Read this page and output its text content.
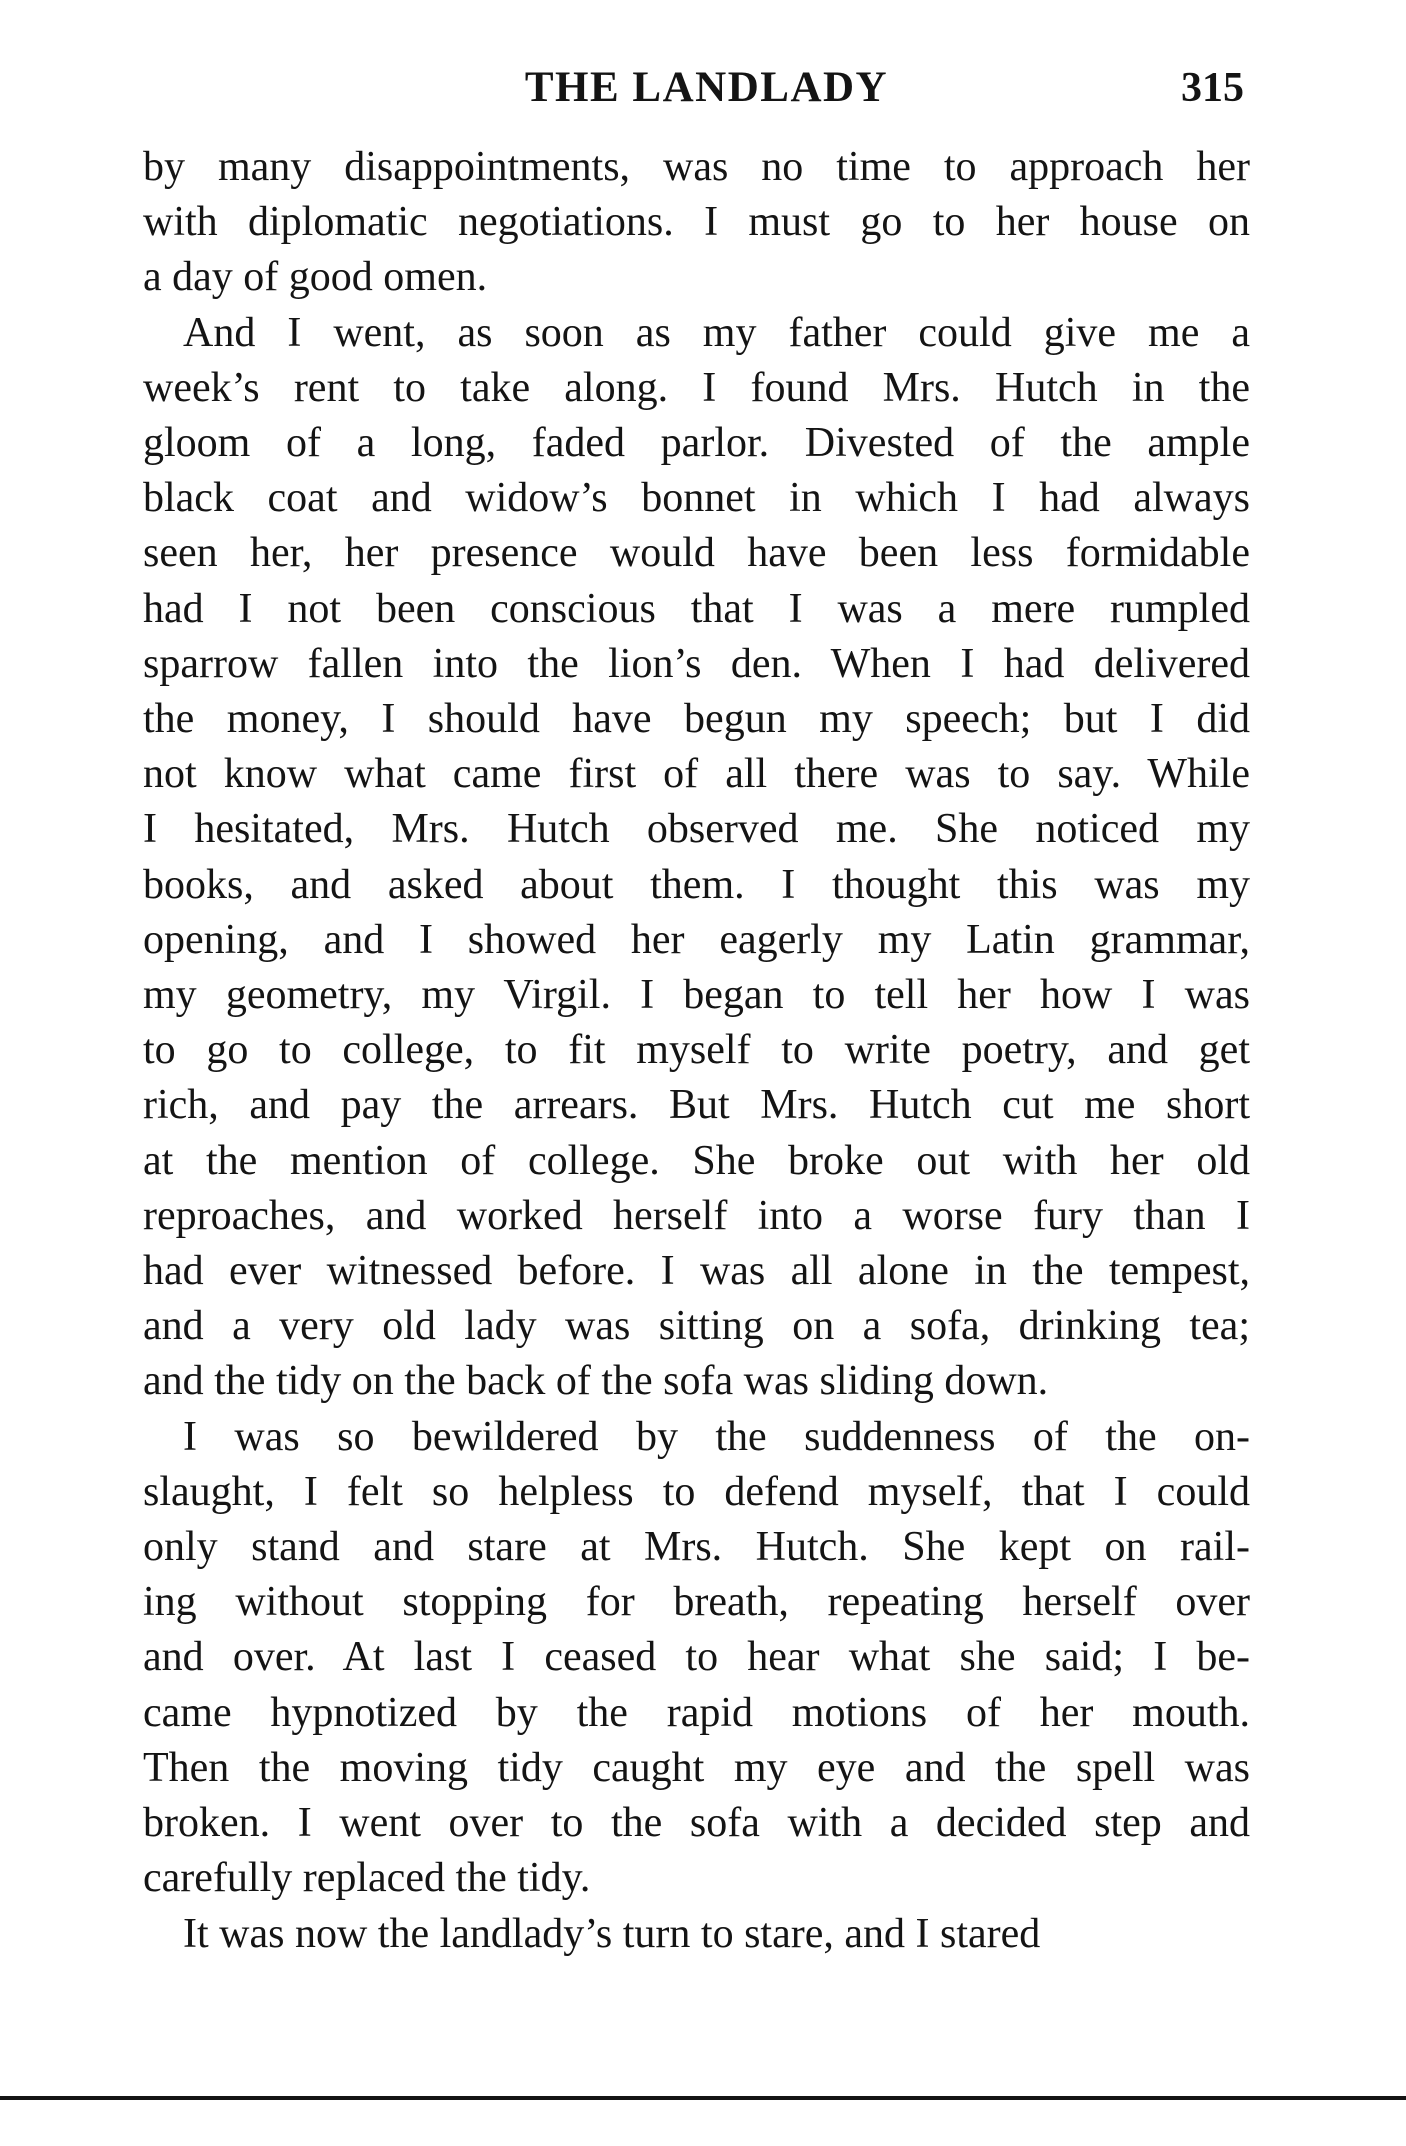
THE LANDLADY	315

by many disappointments, was no time to approach her
with diplomatic negotiations. I must go to her house on
a day of good omen.

And I went, as soon as my father could give me a
week’s rent to take along. I found Mrs. Hutch in the
gloom of a long, faded parlor. Divested of the ample
black coat and widow’s bonnet in which I had always
seen her, her presence would have been less formidable
had I not been conscious that I was a mere rumpled
sparrow fallen into the lion’s den. When I had delivered
the money, I should have begun my speech; but I did
not know what came first of all there was to say. While
I hesitated, Mrs. Hutch observed me. She noticed my
books, and asked about them. I thought this was my
opening, and I showed her eagerly my Latin grammar,
my geometry, my Virgil. I began to tell her how I was
to go to college, to fit myself to write poetry, and get
rich, and pay the arrears. But Mrs. Hutch cut me short
at the mention of college. She broke out with her old
reproaches, and worked herself into a worse fury than I
had ever witnessed before. I was all alone in the tempest,
and a very old lady was sitting on a sofa, drinking tea;
and the tidy on the back of the sofa was sliding down.

I was so bewildered by the suddenness of the on-
slaught, I felt so helpless to defend myself, that I could
only stand and stare at Mrs. Hutch. She kept on rail-
ing without stopping for breath, repeating herself over
and over. At last I ceased to hear what she said; I be-
came hypnotized by the rapid motions of her mouth.
Then the moving tidy caught my eye and the spell was
broken. I went over to the sofa with a decided step and
carefully replaced the tidy.

It was now the landlady’s turn to stare, and I stared
